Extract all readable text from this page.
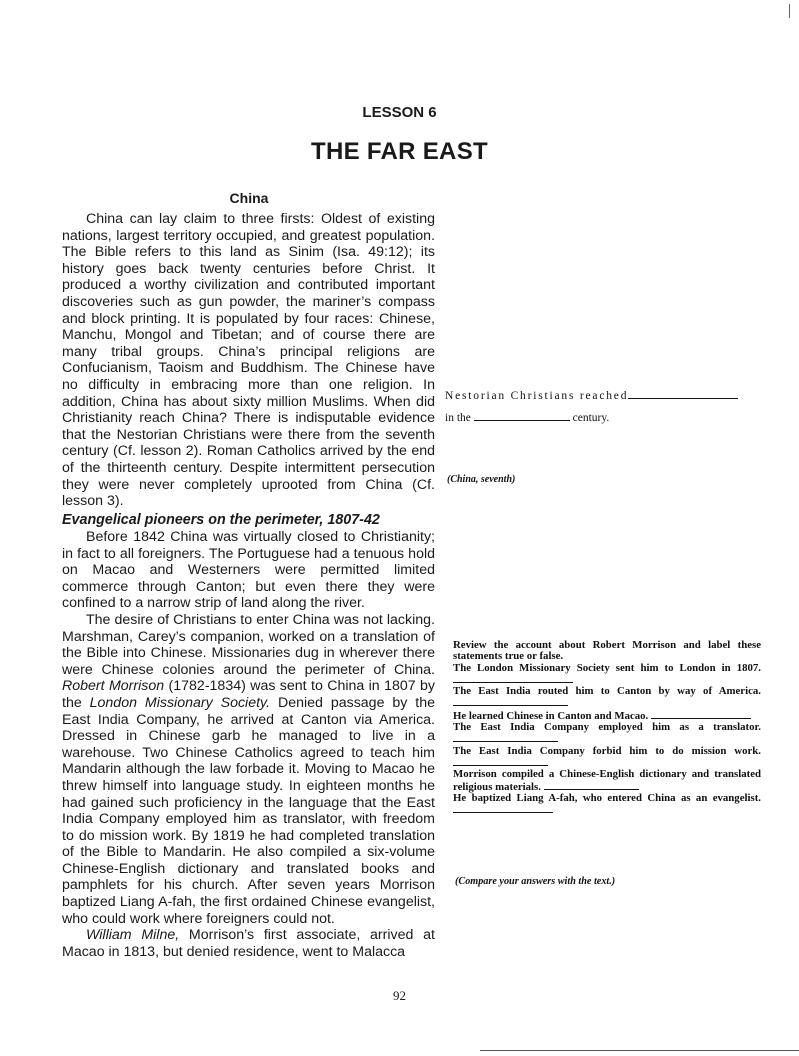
LESSON 6
THE FAR EAST
China

China can lay claim to three firsts: Oldest of existing nations, largest territory occupied, and greatest population. The Bible refers to this land as Sinim (Isa. 49:12); its history goes back twenty centuries before Christ. It produced a worthy civilization and contributed important discoveries such as gun powder, the mariner’s compass and block printing. It is populated by four races: Chinese, Manchu, Mongol and Tibetan; and of course there are many tribal groups. China’s principal religions are Confucianism, Taoism and Buddhism. The Chinese have no difficulty in embracing more than one religion. In addition, China has about sixty million Muslims. When did Christianity reach China? There is indisputable evidence that the Nestorian Christians were there from the seventh century (Cf. lesson 2). Roman Catholics arrived by the end of the thirteenth century. Despite intermittent persecution they were never completely uprooted from China (Cf. lesson 3).

Evangelical pioneers on the perimeter, 1807-42

Before 1842 China was virtually closed to Christianity; in fact to all foreigners. The Portuguese had a tenuous hold on Macao and Westerners were permitted limited commerce through Canton; but even there they were confined to a narrow strip of land along the river.

The desire of Christians to enter China was not lacking. Marshman, Carey’s companion, worked on a translation of the Bible into Chinese. Missionaries dug in wherever there were Chinese colonies around the perimeter of China. Robert Morrison (1782-1834) was sent to China in 1807 by the London Missionary Society. Denied passage by the East India Company, he arrived at Canton via America. Dressed in Chinese garb he managed to live in a warehouse. Two Chinese Catholics agreed to teach him Mandarin although the law forbade it. Moving to Macao he threw himself into language study. In eighteen months he had gained such proficiency in the language that the East India Company employed him as translator, with freedom to do mission work. By 1819 he had completed translation of the Bible to Mandarin. He also compiled a six-volume Chinese-English dictionary and translated books and pamphlets for his church. After seven years Morrison baptized Liang A-fah, the first ordained Chinese evangelist, who could work where foreigners could not.

William Milne, Morrison’s first associate, arrived at Macao in 1813, but denied residence, went to Malacca

Nestorian Christians reached
in the	century.
(China, seventh)

Review the account about Robert Morrison and label these statements true or false.

The London Missionary Society sent him to London in 1807.

The East India routed him to Canton by way of America.

He learned Chinese in Canton and Macao.

The East India Company employed him as a translator.

The East India Company forbid him to do mission work.

Morrison compiled a Chinese-English dictionary and translated religious materials.

He baptized Liang A-fah, who entered China as an evangelist.

(Compare your answers with the text.)
92
